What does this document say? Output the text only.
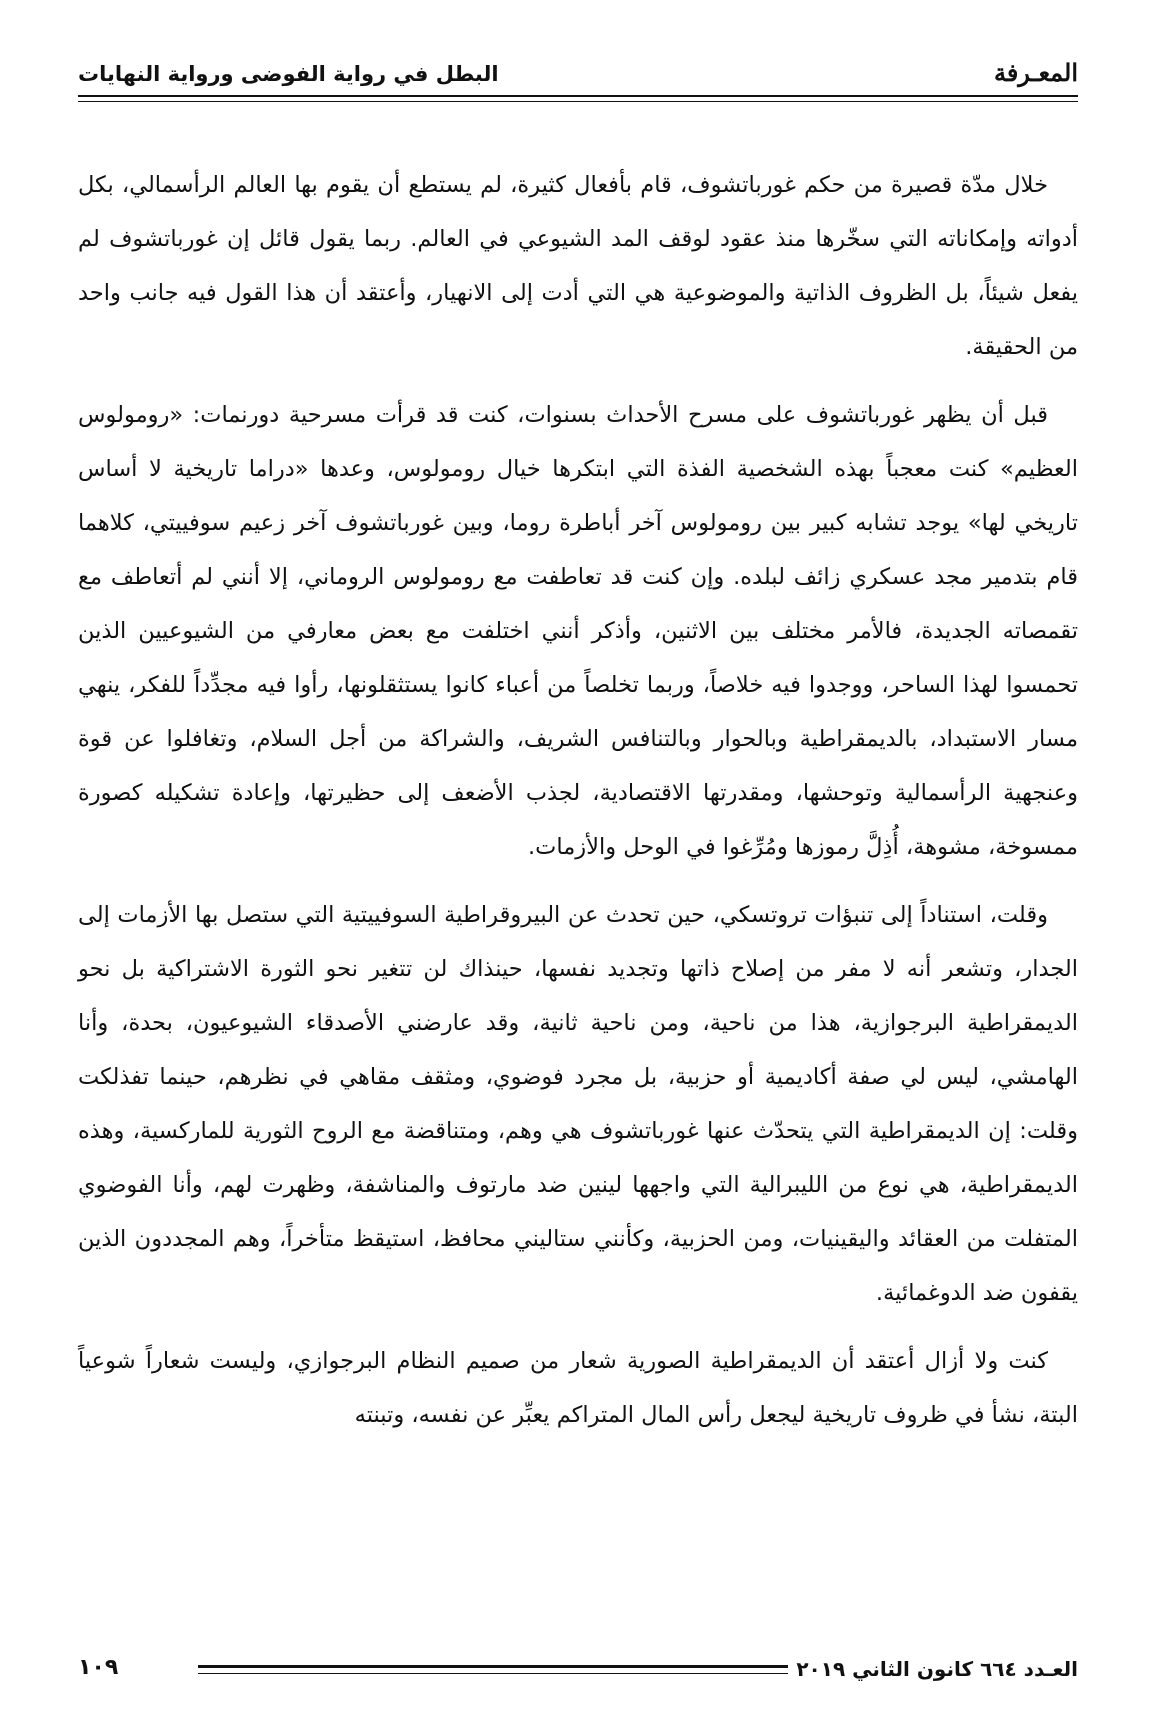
المعـرفة
البطل في رواية الفوضى ورواية النهايات

خلال مدّة قصيرة من حكم غورباتشوف، قام بأفعال كثيرة، لم يستطع أن يقوم بها العالم الرأسمالي، بكل أدواته وإمكاناته التي سخّرها منذ عقود لوقف المد الشيوعي في العالم. ربما يقول قائل إن غورباتشوف لم يفعل شيئاً، بل الظروف الذاتية والموضوعية هي التي أدت إلى الانهيار، وأعتقد أن هذا القول فيه جانب واحد من الحقيقة.

قبل أن يظهر غورباتشوف على مسرح الأحداث بسنوات، كنت قد قرأت مسرحية دورنمات: «رومولوس العظيم» كنت معجباً بهذه الشخصية الفذة التي ابتكرها خيال رومولوس، وعدها «دراما تاريخية لا أساس تاريخي لها» يوجد تشابه كبير بين رومولوس آخر أباطرة روما، وبين غورباتشوف آخر زعيم سوفييتي، كلاهما قام بتدمير مجد عسكري زائف لبلده. وإن كنت قد تعاطفت مع رومولوس الروماني، إلا أنني لم أتعاطف مع تقمصاته الجديدة، فالأمر مختلف بين الاثنين، وأذكر أنني اختلفت مع بعض معارفي من الشيوعيين الذين تحمسوا لهذا الساحر، ووجدوا فيه خلاصاً، وربما تخلصاً من أعباء كانوا يستثقلونها، رأوا فيه مجدِّداً للفكر، ينهي مسار الاستبداد، بالديمقراطية وبالحوار وبالتنافس الشريف، والشراكة من أجل السلام، وتغافلوا عن قوة وعنجهية الرأسمالية وتوحشها، ومقدرتها الاقتصادية، لجذب الأضعف إلى حظيرتها، وإعادة تشكيله كصورة ممسوخة، مشوهة، أُذِلَّ رموزها ومُرِّغوا في الوحل والأزمات.

وقلت، استناداً إلى تنبؤات تروتسكي، حين تحدث عن البيروقراطية السوفييتية التي ستصل بها الأزمات إلى الجدار، وتشعر أنه لا مفر من إصلاح ذاتها وتجديد نفسها، حينذاك لن تتغير نحو الثورة الاشتراكية بل نحو الديمقراطية البرجوازية، هذا من ناحية، ومن ناحية ثانية، وقد عارضني الأصدقاء الشيوعيون، بحدة، وأنا الهامشي، ليس لي صفة أكاديمية أو حزبية، بل مجرد فوضوي، ومثقف مقاهي في نظرهم، حينما تفذلكت وقلت: إن الديمقراطية التي يتحدّث عنها غورباتشوف هي وهم، ومتناقضة مع الروح الثورية للماركسية، وهذه الديمقراطية، هي نوع من الليبرالية التي واجهها لينين ضد مارتوف والمناشفة، وظهرت لهم، وأنا الفوضوي المتفلت من العقائد واليقينيات، ومن الحزبية، وكأنني ستاليني محافظ، استيقظ متأخراً، وهم المجددون الذين يقفون ضد الدوغمائية.

كنت ولا أزال أعتقد أن الديمقراطية الصورية شعار من صميم النظام البرجوازي، وليست شعاراً شوعياً البتة، نشأ في ظروف تاريخية ليجعل رأس المال المتراكم يعبِّر عن نفسه، وتبنته

العـدد ٦٦٤ كانون الثاني ٢٠١٩
١٠٩
